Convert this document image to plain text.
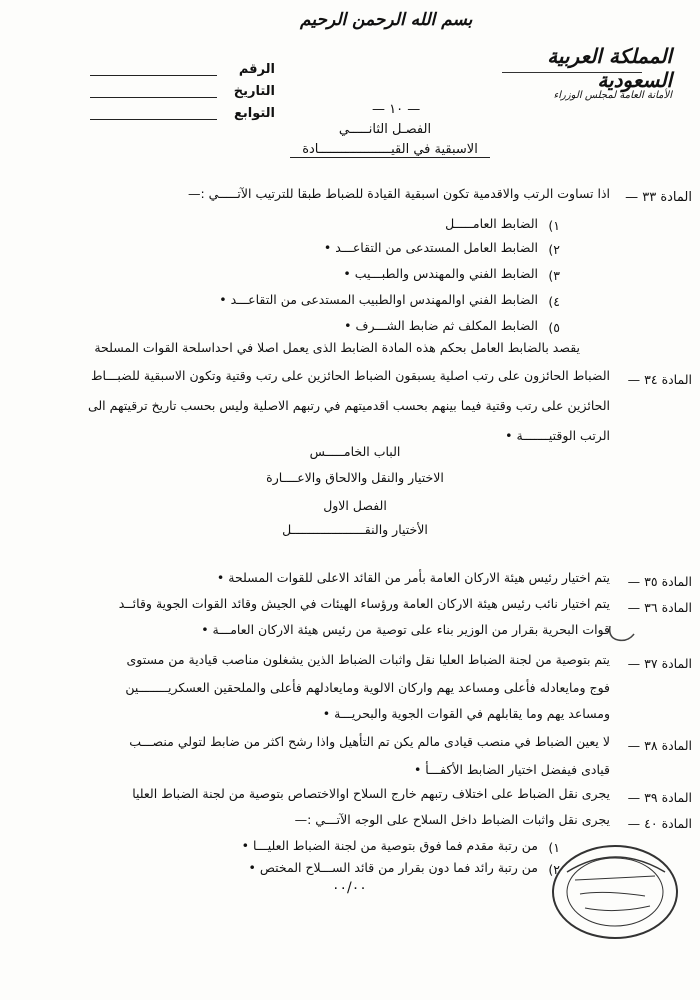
بسم الله الرحمن الرحيم
الرقم
التاريخ
التوابع
المملكة العربية السعودية
الأمانة العامة لمجلس الوزراء
— ١٠ —
الفصـل الثانـــــي
الاسبقية في القيـــــــــــــــــــادة
المادة ٣٣ —
اذا تساوت الرتب والاقدمية تكون اسبقية القيادة للضباط طبقا للترتيب الآتـــــي :—
١)
الضابط العامـــــل
٢)
الضابط العامل المستدعى من التقاعـــد •
٣)
الضابط الفني والمهندس والطبـــيب •
٤)
الضابط الفني اوالمهندس اوالطبيب المستدعى من التقاعـــد •
٥)
الضابط المكلف ثم ضابط الشـــرف •
يقصد بالضابط العامل بحكم هذه المادة الضابط الذى يعمل اصلا في احداسلحة القوات المسلحة
المادة ٣٤ —
الضباط الحائزون على رتب اصلية يسبقون الضباط الحائزين على رتب وقتية وتكون الاسبقية للضبـــاط
الحائزين على رتب وقتية فيما بينهم بحسب اقدميتهم في رتبهم الاصلية وليس بحسب تاريخ ترقيتهم الى
الرتب الوقتيـــــــة •
الباب الخامـــــس
الاختيار والنقل والالحاق والاعــــارة
الفصل الاول
الأختيار والنقــــــــــــــــــــل
المادة ٣٥ —
يتم اختيار رئيس هيئة الاركان العامة بأمر من القائد الاعلى للقوات المسلحة •
المادة ٣٦ —
يتم اختيار نائب رئيس هيئة الاركان العامة ورؤساء الهيئات في الجيش وقائد القوات الجوية وقائــد
قوات البحرية بقرار من الوزير بناء على توصية من رئيس هيئة الاركان العامـــة •
المادة ٣٧ —
يتم بتوصية من لجنة الضباط العليا نقل واثبات الضباط الذين يشغلون مناصب قيادية من مستوى
فوج ومايعادله فأعلى ومساعد يهم واركان الالوية ومايعادلهم فأعلى والملحقين العسكريــــــــين
ومساعد يهم وما يقابلهم في القوات الجوية والبحريـــة •
المادة ٣٨ —
لا يعين الضباط في منصب قيادى مالم يكن تم التأهيل واذا رشح اكثر من ضابط لتولي منصـــب
قيادى فيفضل اختيار الضابط الأكفـــأ •
المادة ٣٩ —
يجرى نقل الضباط على اختلاف رتبهم خارج السلاح اوالاختصاص بتوصية من لجنة الضباط العليا
المادة ٤٠ —
يجرى نقل واثبات الضباط داخل السلاح على الوجه الآتـــي :—
١)
من رتبة مقدم فما فوق بتوصية من لجنة الضباط العليـــا •
٢)
من رتبة رائد فما دون بقرار من قائد الســـلاح المختص •
٠٠/٠٠
